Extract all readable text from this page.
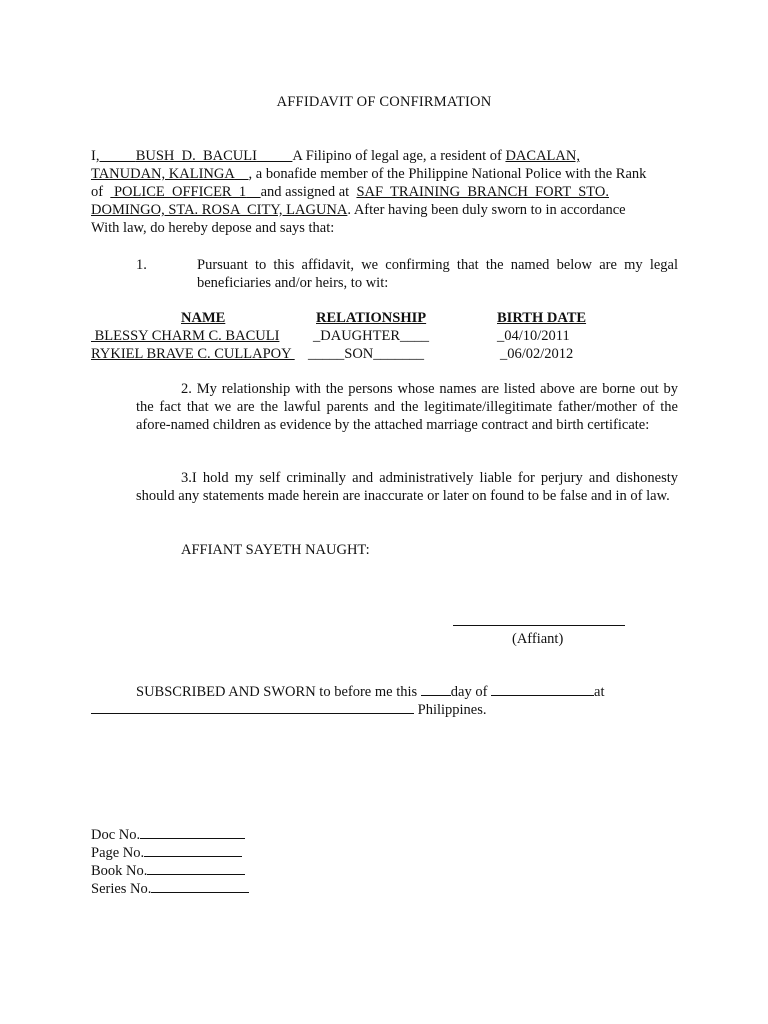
AFFIDAVIT OF CONFIRMATION
I,	BUSH  D.  BACULI A Filipino of legal age, a resident of DACALAN,
TANUDAN, KALINGA , a bonafide member of the Philippine National Police with the Rank
of POLICE  OFFICER  1 and assigned at SAF  TRAINING  BRANCH  FORT  STO.
DOMINGO, STA. ROSA  CITY, LAGUNA. After having been duly sworn to in accordance
With law, do hereby depose and says that:
1.	Pursuant to this affidavit, we confirming that the named below are my legal
beneficiaries and/or heirs, to wit:
NAME	RELATIONSHIP	BIRTH DATE
BLESSY CHARM C. BACULI _DAUGHTER____	_04/10/2011
RYKIEL BRAVE C. CULLAPOY _____SON_______	_06/02/2012
2. My relationship with the persons whose names are listed above are borne out by the fact that we are the lawful parents and the legitimate/illegitimate father/mother of the afore-named children as evidence by the attached marriage contract and birth certificate:
3.I hold my self criminally and administratively liable for perjury and dishonesty should any statements made herein are inaccurate or later on found to be false and in of law.
AFFIANT SAYETH NAUGHT:
(Affiant)
SUBSCRIBED AND SWORN to before me this day of	at
Philippines.
Doc No.
Page No.
Book No.
Series No.
